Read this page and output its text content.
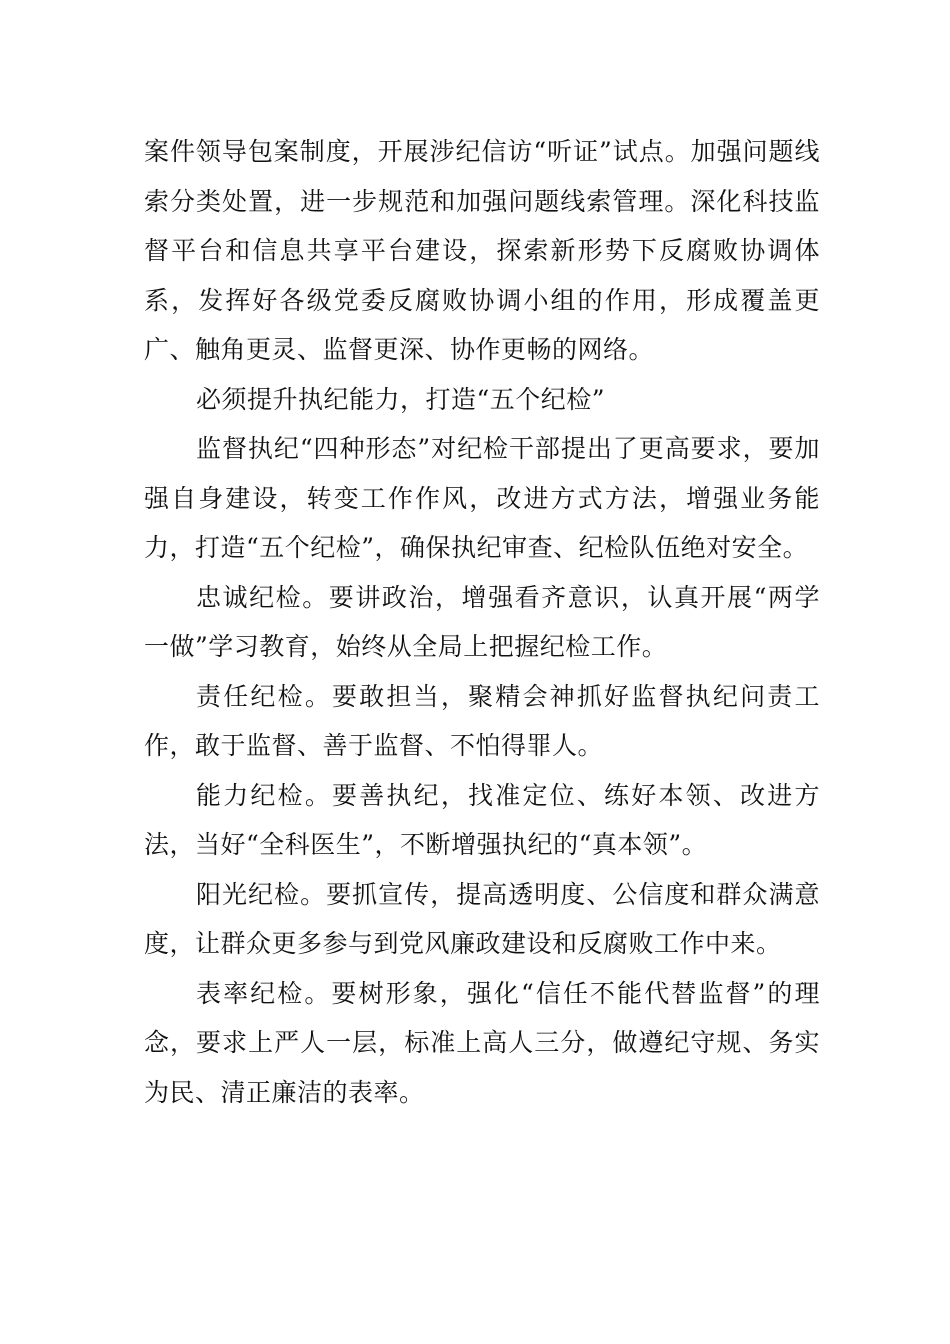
案件领导包案制度，开展涉纪信访“听证”试点。加强问题线索分类处置，进一步规范和加强问题线索管理。深化科技监督平台和信息共享平台建设，探索新形势下反腐败协调体系，发挥好各级党委反腐败协调小组的作用，形成覆盖更广、触角更灵、监督更深、协作更畅的网络。

必须提升执纪能力，打造“五个纪检”

监督执纪“四种形态”对纪检干部提出了更高要求，要加强自身建设，转变工作作风，改进方式方法，增强业务能力，打造“五个纪检”，确保执纪审查、纪检队伍绝对安全。

忠诚纪检。要讲政治，增强看齐意识，认真开展“两学一做”学习教育，始终从全局上把握纪检工作。

责任纪检。要敢担当，聚精会神抓好监督执纪问责工作，敢于监督、善于监督、不怕得罪人。

能力纪检。要善执纪，找准定位、练好本领、改进方法，当好“全科医生”，不断增强执纪的“真本领”。

阳光纪检。要抓宣传，提高透明度、公信度和群众满意度，让群众更多参与到党风廉政建设和反腐败工作中来。

表率纪检。要树形象，强化“信任不能代替监督”的理念，要求上严人一层，标准上高人三分，做遵纪守规、务实为民、清正廉洁的表率。
